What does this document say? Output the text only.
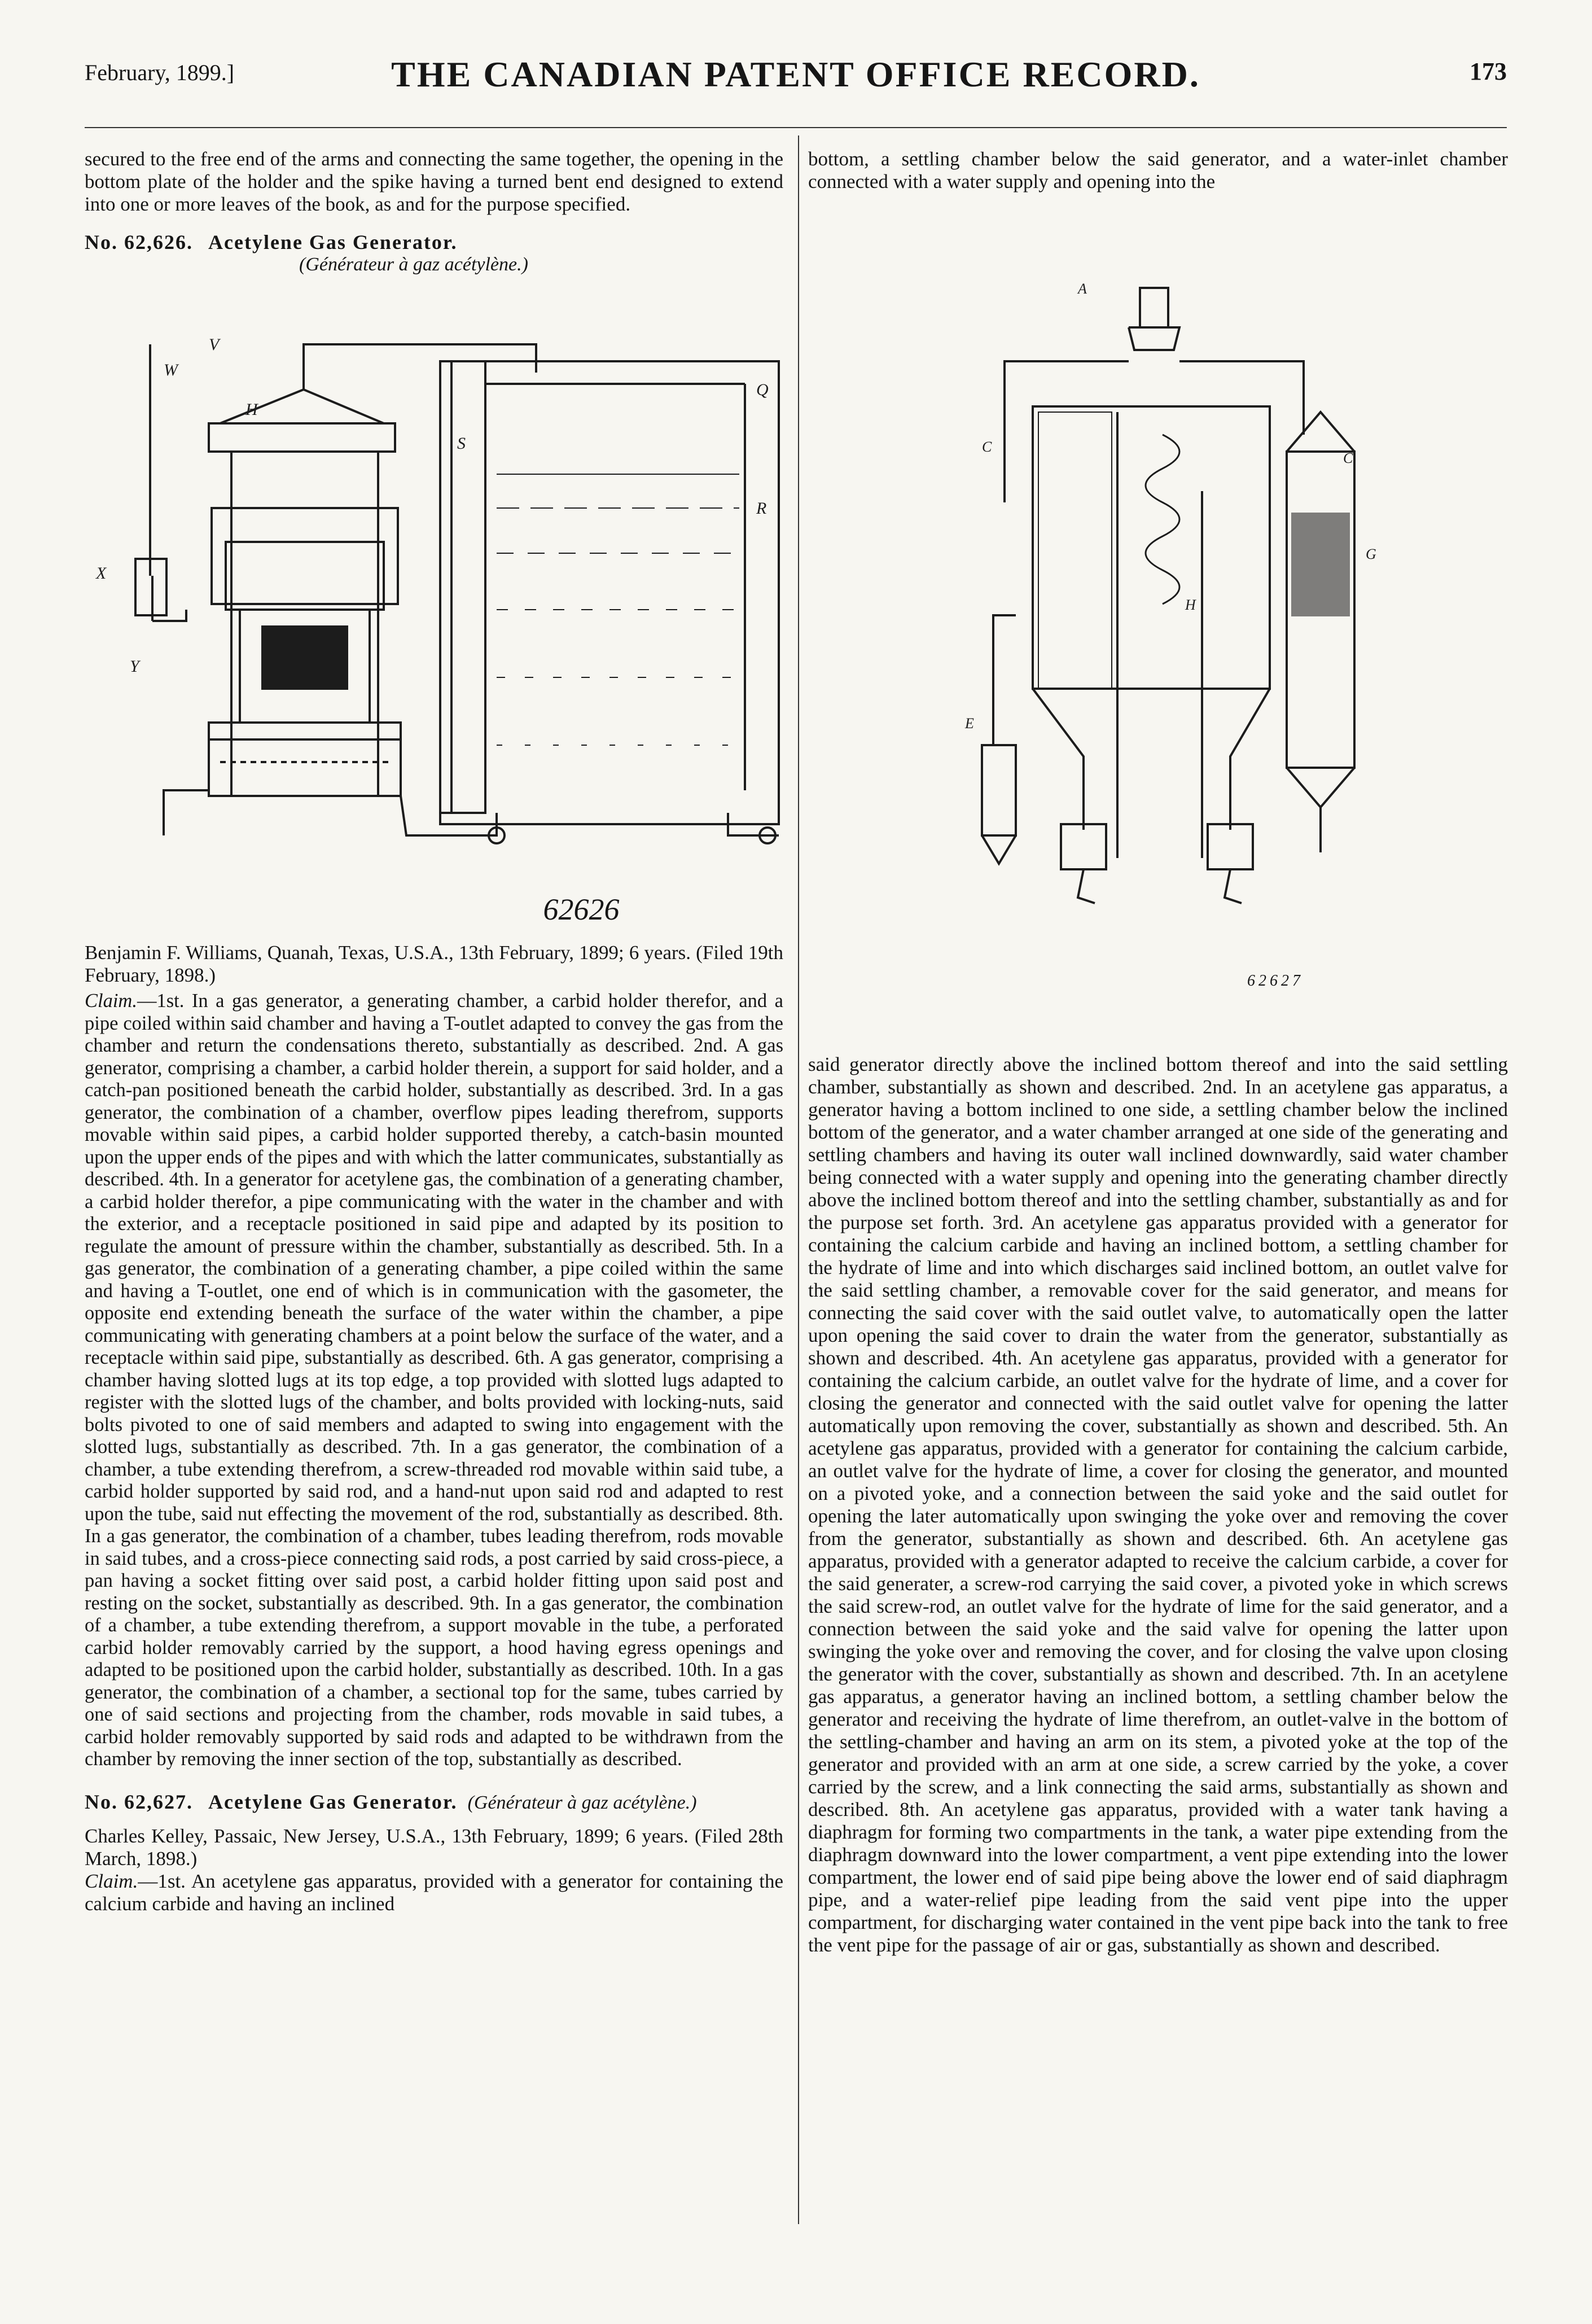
February, 1899.]	THE CANADIAN PATENT OFFICE RECORD.	173
secured to the free end of the arms and connecting the same together, the opening in the bottom plate of the holder and the spike having a turned bent end designed to extend into one or more leaves of the book, as and for the purpose specified.
No. 62,626. Acetylene Gas Generator.
(Générateur à gaz acétylène.)
V
W
H
Q
S
R
X
Y
62626
Benjamin F. Williams, Quanah, Texas, U.S.A., 13th February, 1899; 6 years. (Filed 19th February, 1898.)
Claim.—1st. In a gas generator, a generating chamber, a carbid holder therefor, and a pipe coiled within said chamber and having a T-outlet adapted to convey the gas from the chamber and return the condensations thereto, substantially as described. 2nd. A gas generator, comprising a chamber, a carbid holder therein, a support for said holder, and a catch-pan positioned beneath the carbid holder, substantially as described. 3rd. In a gas generator, the combination of a chamber, overflow pipes leading therefrom, supports movable within said pipes, a carbid holder supported thereby, a catch-basin mounted upon the upper ends of the pipes and with which the latter communicates, substantially as described. 4th. In a generator for acetylene gas, the combination of a generating chamber, a carbid holder therefor, a pipe communicating with the water in the chamber and with the exterior, and a receptacle positioned in said pipe and adapted by its position to regulate the amount of pressure within the chamber, substantially as described. 5th. In a gas generator, the combination of a generating chamber, a pipe coiled within the same and having a T-outlet, one end of which is in communication with the gasometer, the opposite end extending beneath the surface of the water within the chamber, a pipe communicating with generating chambers at a point below the surface of the water, and a receptacle within said pipe, substantially as described. 6th. A gas generator, comprising a chamber having slotted lugs at its top edge, a top provided with slotted lugs adapted to register with the slotted lugs of the chamber, and bolts provided with locking-nuts, said bolts pivoted to one of said members and adapted to swing into engagement with the slotted lugs, substantially as described. 7th. In a gas generator, the combination of a chamber, a tube extending therefrom, a screw-threaded rod movable within said tube, a carbid holder supported by said rod, and a hand-nut upon said rod and adapted to rest upon the tube, said nut effecting the movement of the rod, substantially as described. 8th. In a gas generator, the combination of a chamber, tubes leading therefrom, rods movable in said tubes, and a cross-piece connecting said rods, a post carried by said cross-piece, a pan having a socket fitting over said post, a carbid holder fitting upon said post and resting on the socket, substantially as described. 9th. In a gas generator, the combination of a chamber, a tube extending therefrom, a support movable in the tube, a perforated carbid holder removably carried by the support, a hood having egress openings and adapted to be positioned upon the carbid holder, substantially as described. 10th. In a gas generator, the combination of a chamber, a sectional top for the same, tubes carried by one of said sections and projecting from the chamber, rods movable in said tubes, a carbid holder removably supported by said rods and adapted to be withdrawn from the chamber by removing the inner section of the top, substantially as described.
No. 62,627. Acetylene Gas Generator. (Générateur à gaz acétylène.)
Charles Kelley, Passaic, New Jersey, U.S.A., 13th February, 1899; 6 years. (Filed 28th March, 1898.)
Claim.—1st. An acetylene gas apparatus, provided with a generator for containing the calcium carbide and having an inclined
bottom, a settling chamber below the said generator, and a water-inlet chamber connected with a water supply and opening into the
A
C
C
G
H
E
62627
said generator directly above the inclined bottom thereof and into the said settling chamber, substantially as shown and described. 2nd. In an acetylene gas apparatus, a generator having a bottom inclined to one side, a settling chamber below the inclined bottom of the generator, and a water chamber arranged at one side of the generating and settling chambers and having its outer wall inclined downwardly, said water chamber being connected with a water supply and opening into the generating chamber directly above the inclined bottom thereof and into the settling chamber, substantially as and for the purpose set forth. 3rd. An acetylene gas apparatus provided with a generator for containing the calcium carbide and having an inclined bottom, a settling chamber for the hydrate of lime and into which discharges said inclined bottom, an outlet valve for the said settling chamber, a removable cover for the said generator, and means for connecting the said cover with the said outlet valve, to automatically open the latter upon opening the said cover to drain the water from the generator, substantially as shown and described. 4th. An acetylene gas apparatus, provided with a generator for containing the calcium carbide, an outlet valve for the hydrate of lime, and a cover for closing the generator and connected with the said outlet valve for opening the latter automatically upon removing the cover, substantially as shown and described. 5th. An acetylene gas apparatus, provided with a generator for containing the calcium carbide, an outlet valve for the hydrate of lime, a cover for closing the generator, and mounted on a pivoted yoke, and a connection between the said yoke and the said outlet for opening the later automatically upon swinging the yoke over and removing the cover from the generator, substantially as shown and described. 6th. An acetylene gas apparatus, provided with a generator adapted to receive the calcium carbide, a cover for the said generater, a screw-rod carrying the said cover, a pivoted yoke in which screws the said screw-rod, an outlet valve for the hydrate of lime for the said generator, and a connection between the said yoke and the said valve for opening the latter upon swinging the yoke over and removing the cover, and for closing the valve upon closing the generator with the cover, substantially as shown and described. 7th. In an acetylene gas apparatus, a generator having an inclined bottom, a settling chamber below the generator and receiving the hydrate of lime therefrom, an outlet-valve in the bottom of the settling-chamber and having an arm on its stem, a pivoted yoke at the top of the generator and provided with an arm at one side, a screw carried by the yoke, a cover carried by the screw, and a link connecting the said arms, substantially as shown and described. 8th. An acetylene gas apparatus, provided with a water tank having a diaphragm for forming two compartments in the tank, a water pipe extending from the diaphragm downward into the lower compartment, a vent pipe extending into the lower compartment, the lower end of said pipe being above the lower end of said diaphragm pipe, and a water-relief pipe leading from the said vent pipe into the upper compartment, for discharging water contained in the vent pipe back into the tank to free the vent pipe for the passage of air or gas, substantially as shown and described.
